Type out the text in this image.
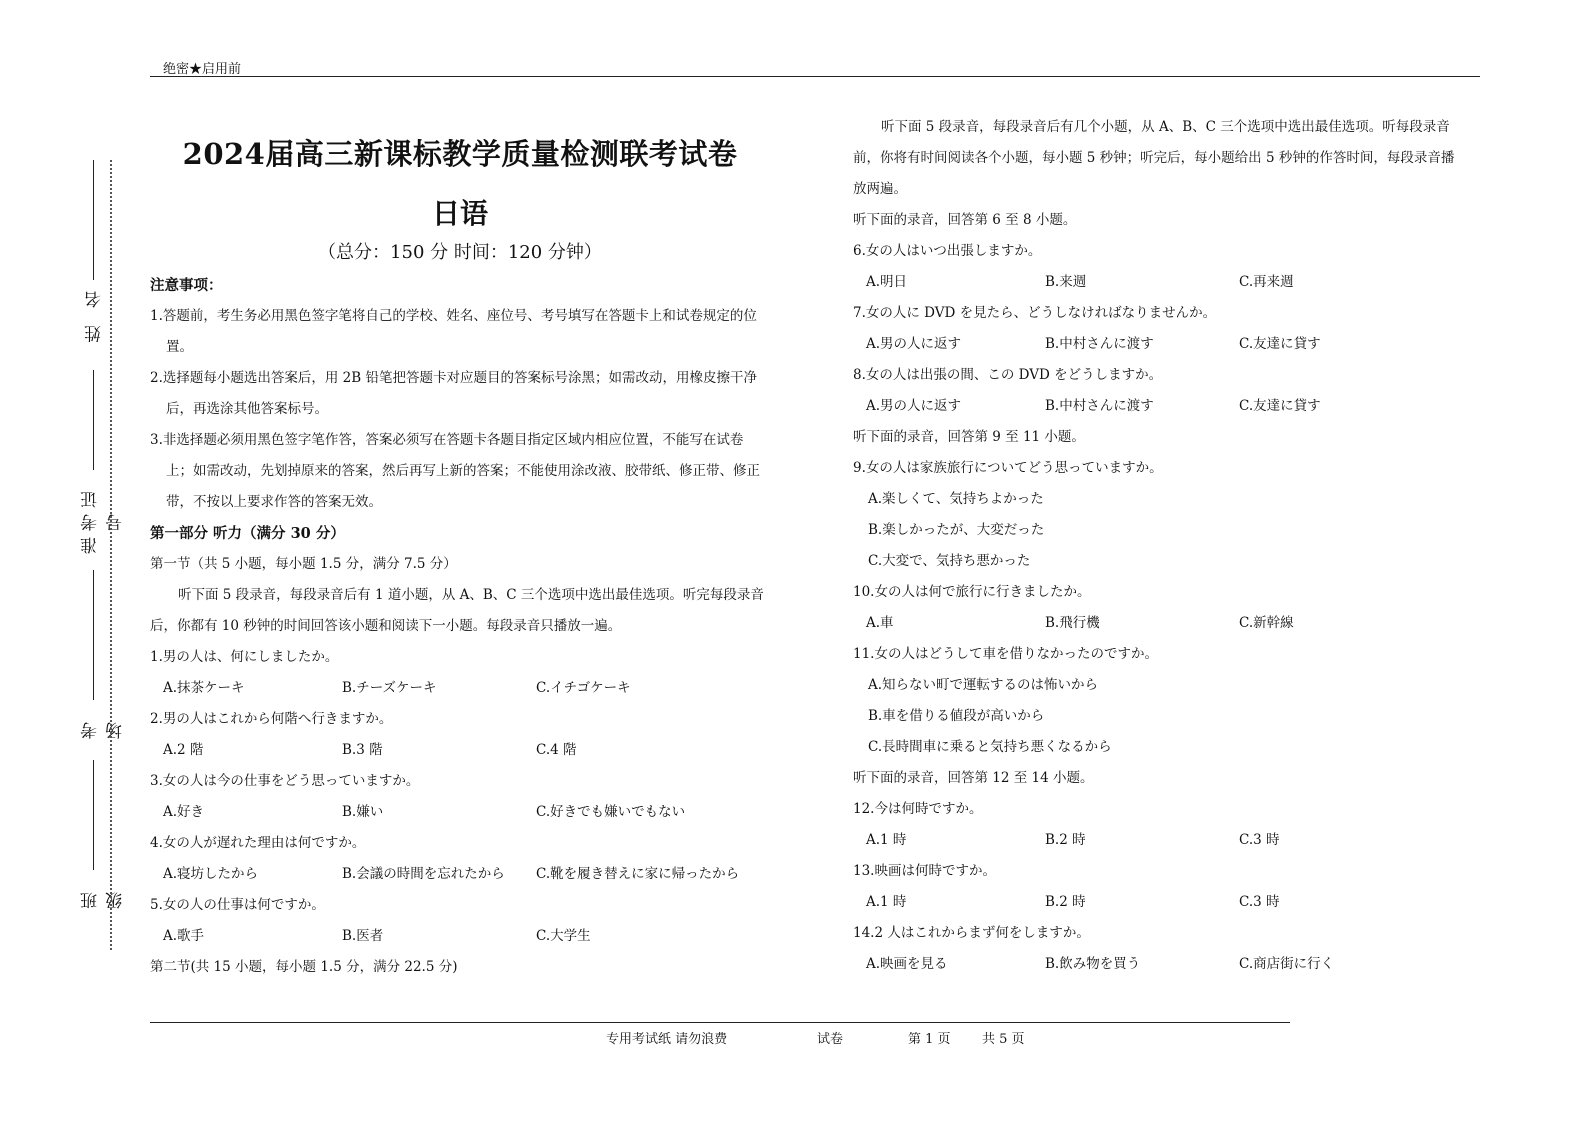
绝密★启用前
姓 名
准考证号
考 场
班 级
2024届高三新课标教学质量检测联考试卷
日语
（总分：150 分 时间：120 分钟）

注意事项：

1.答题前，考生务必用黑色签字笔将自己的学校、姓名、座位号、考号填写在答题卡上和试卷规定的位置。

2.选择题每小题选出答案后，用 2B 铅笔把答题卡对应题目的答案标号涂黑；如需改动，用橡皮擦干净后，再选涂其他答案标号。

3.非选择题必须用黑色签字笔作答，答案必须写在答题卡各题目指定区域内相应位置，不能写在试卷上；如需改动，先划掉原来的答案，然后再写上新的答案；不能使用涂改液、胶带纸、修正带、修正带，不按以上要求作答的答案无效。

第一部分 听力（满分 30 分）

第一节（共 5 小题，每小题 1.5 分，满分 7.5 分）

听下面 5 段录音，每段录音后有 1 道小题，从 A、B、C 三个选项中选出最佳选项。听完每段录音后，你都有 10 秒钟的时间回答该小题和阅读下一小题。每段录音只播放一遍。

1.男の人は、何にしましたか。

A.抹茶ケーキ	B.チーズケーキ	C.イチゴケーキ

2.男の人はこれから何階へ行きますか。

A.2 階	B.3 階	C.4 階

3.女の人は今の仕事をどう思っていますか。

A.好き	B.嫌い	C.好きでも嫌いでもない

4.女の人が遅れた理由は何ですか。

A.寝坊したから	B.会議の時間を忘れたから C.靴を履き替えに家に帰ったから

5.女の人の仕事は何ですか。

A.歌手	B.医者	C.大学生

第二节(共 15 小题，每小题 1.5 分，满分 22.5 分)

听下面 5 段录音，每段录音后有几个小题，从 A、B、C 三个选项中选出最佳选项。听每段录音前，你将有时间阅读各个小题，每小题 5 秒钟；听完后，每小题给出 5 秒钟的作答时间，每段录音播放两遍。

听下面的录音，回答第 6 至 8 小题。

6.女の人はいつ出張しますか。

A.明日	B.来週	C.再来週

7.女の人に DVD を見たら、どうしなければなりませんか。

A.男の人に返す	B.中村さんに渡す	C.友達に貸す

8.女の人は出張の間、この DVD をどうしますか。

A.男の人に返す	B.中村さんに渡す	C.友達に貸す

听下面的录音，回答第 9 至 11 小题。

9.女の人は家族旅行についてどう思っていますか。

A.楽しくて、気持ちよかった

B.楽しかったが、大変だった

C.大変で、気持ち悪かった

10.女の人は何で旅行に行きましたか。

A.車	B.飛行機	C.新幹線

11.女の人はどうして車を借りなかったのですか。

A.知らない町で運転するのは怖いから

B.車を借りる値段が高いから

C.長時間車に乗ると気持ち悪くなるから

听下面的录音，回答第 12 至 14 小题。

12.今は何時ですか。

A.1 時	B.2 時	C.3 時

13.映画は何時ですか。

A.1 時	B.2 時	C.3 時

14.2 人はこれからまず何をしますか。

A.映画を見る	B.飲み物を買う	C.商店街に行く
专用考试纸 请勿浪费	试卷	第 1 页 共 5 页
